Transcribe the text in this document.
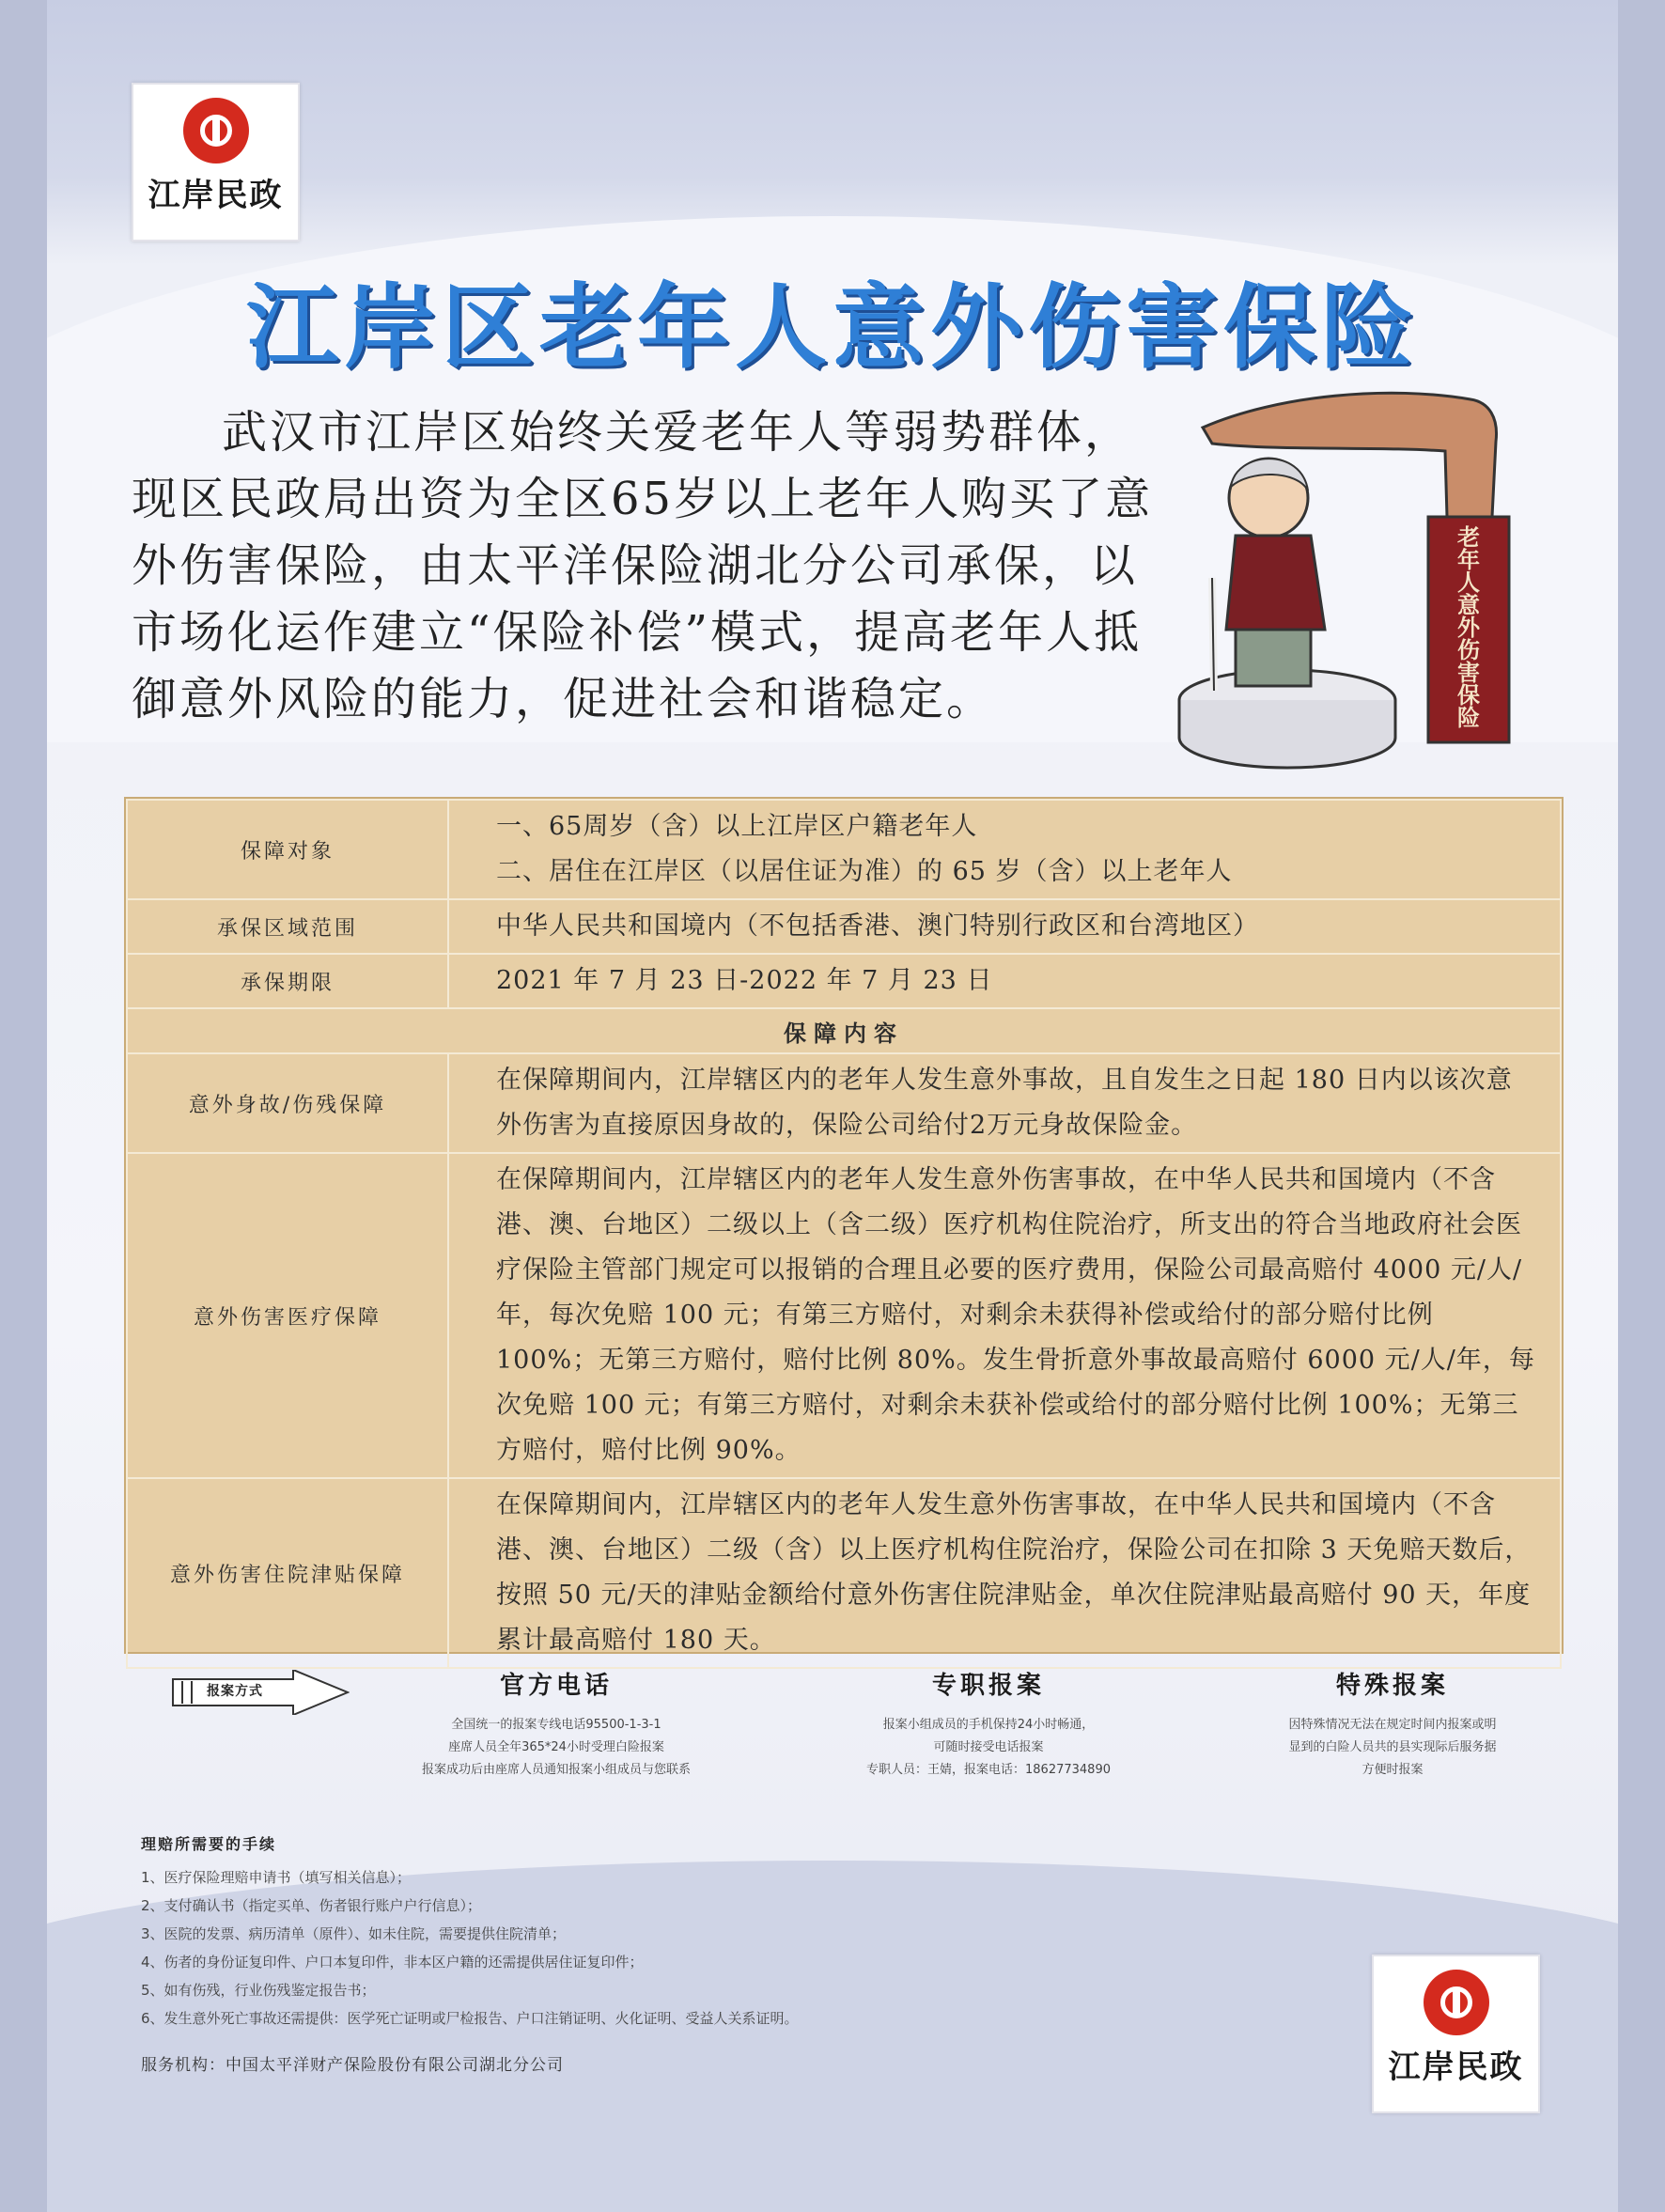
江岸民政
江岸区老年人意外伤害保险

武汉市江岸区始终关爱老年人等弱势群体，现区民政局出资为全区65岁以上老年人购买了意外伤害保险，由太平洋保险湖北分公司承保，以市场化运作建立“保险补偿”模式，提高老年人抵御意外风险的能力，促进社会和谐稳定。

老年人意外伤害保险
保障对象	一、65周岁（含）以上江岸区户籍老年人
二、居住在江岸区（以居住证为准）的 65 岁（含）以上老年人

承保区域范围	中华人民共和国境内（不包括香港、澳门特别行政区和台湾地区）

承保期限	2021 年 7 月 23 日-2022 年 7 月 23 日

保障内容	
意外身故/伤残保障	在保障期间内，江岸辖区内的老年人发生意外事故，且自发生之日起 180 日内以该次意外伤害为直接原因身故的，保险公司给付2万元身故保险金。
意外伤害医疗保障	在保障期间内，江岸辖区内的老年人发生意外伤害事故，在中华人民共和国境内（不含港、澳、台地区）二级以上（含二级）医疗机构住院治疗，所支出的符合当地政府社会医疗保险主管部门规定可以报销的合理且必要的医疗费用，保险公司最高赔付 4000 元/人/年，每次免赔 100 元；有第三方赔付，对剩余未获得补偿或给付的部分赔付比例 100%；无第三方赔付，赔付比例 80%。发生骨折意外事故最高赔付 6000 元/人/年，每次免赔 100 元；有第三方赔付，对剩余未获补偿或给付的部分赔付比例 100%；无第三方赔付，赔付比例 90%。
意外伤害住院津贴保障	在保障期间内，江岸辖区内的老年人发生意外伤害事故，在中华人民共和国境内（不含港、澳、台地区）二级（含）以上医疗机构住院治疗，保险公司在扣除 3 天免赔天数后，按照 50 元/天的津贴金额给付意外伤害住院津贴金，单次住院津贴最高赔付 90 天，年度累计最高赔付 180 天。
报案方式	官方电话

全国统一的报案专线电话95500-1-3-1

座席人员全年365*24小时受理白险报案

报案成功后由座席人员通知报案小组成员与您联系

专职报案

报案小组成员的手机保持24小时畅通，

可随时接受电话报案

专职人员：王婧，报案电话：18627734890

特殊报案

因特殊情况无法在规定时间内报案或明

显到的白险人员共的县实现际后服务据

方便时报案

理赔所需要的手续
1、医疗保险理赔申请书（填写相关信息）；
2、支付确认书（指定买单、伤者银行账户户行信息）；
3、医院的发票、病历清单（原件）、如未住院，需要提供住院清单；
4、伤者的身份证复印件、户口本复印件，非本区户籍的还需提供居住证复印件；
5、如有伤残，行业伤残鉴定报告书；
6、发生意外死亡事故还需提供：医学死亡证明或尸检报告、户口注销证明、火化证明、受益人关系证明。
服务机构：中国太平洋财产保险股份有限公司湖北分公司	江岸民政
